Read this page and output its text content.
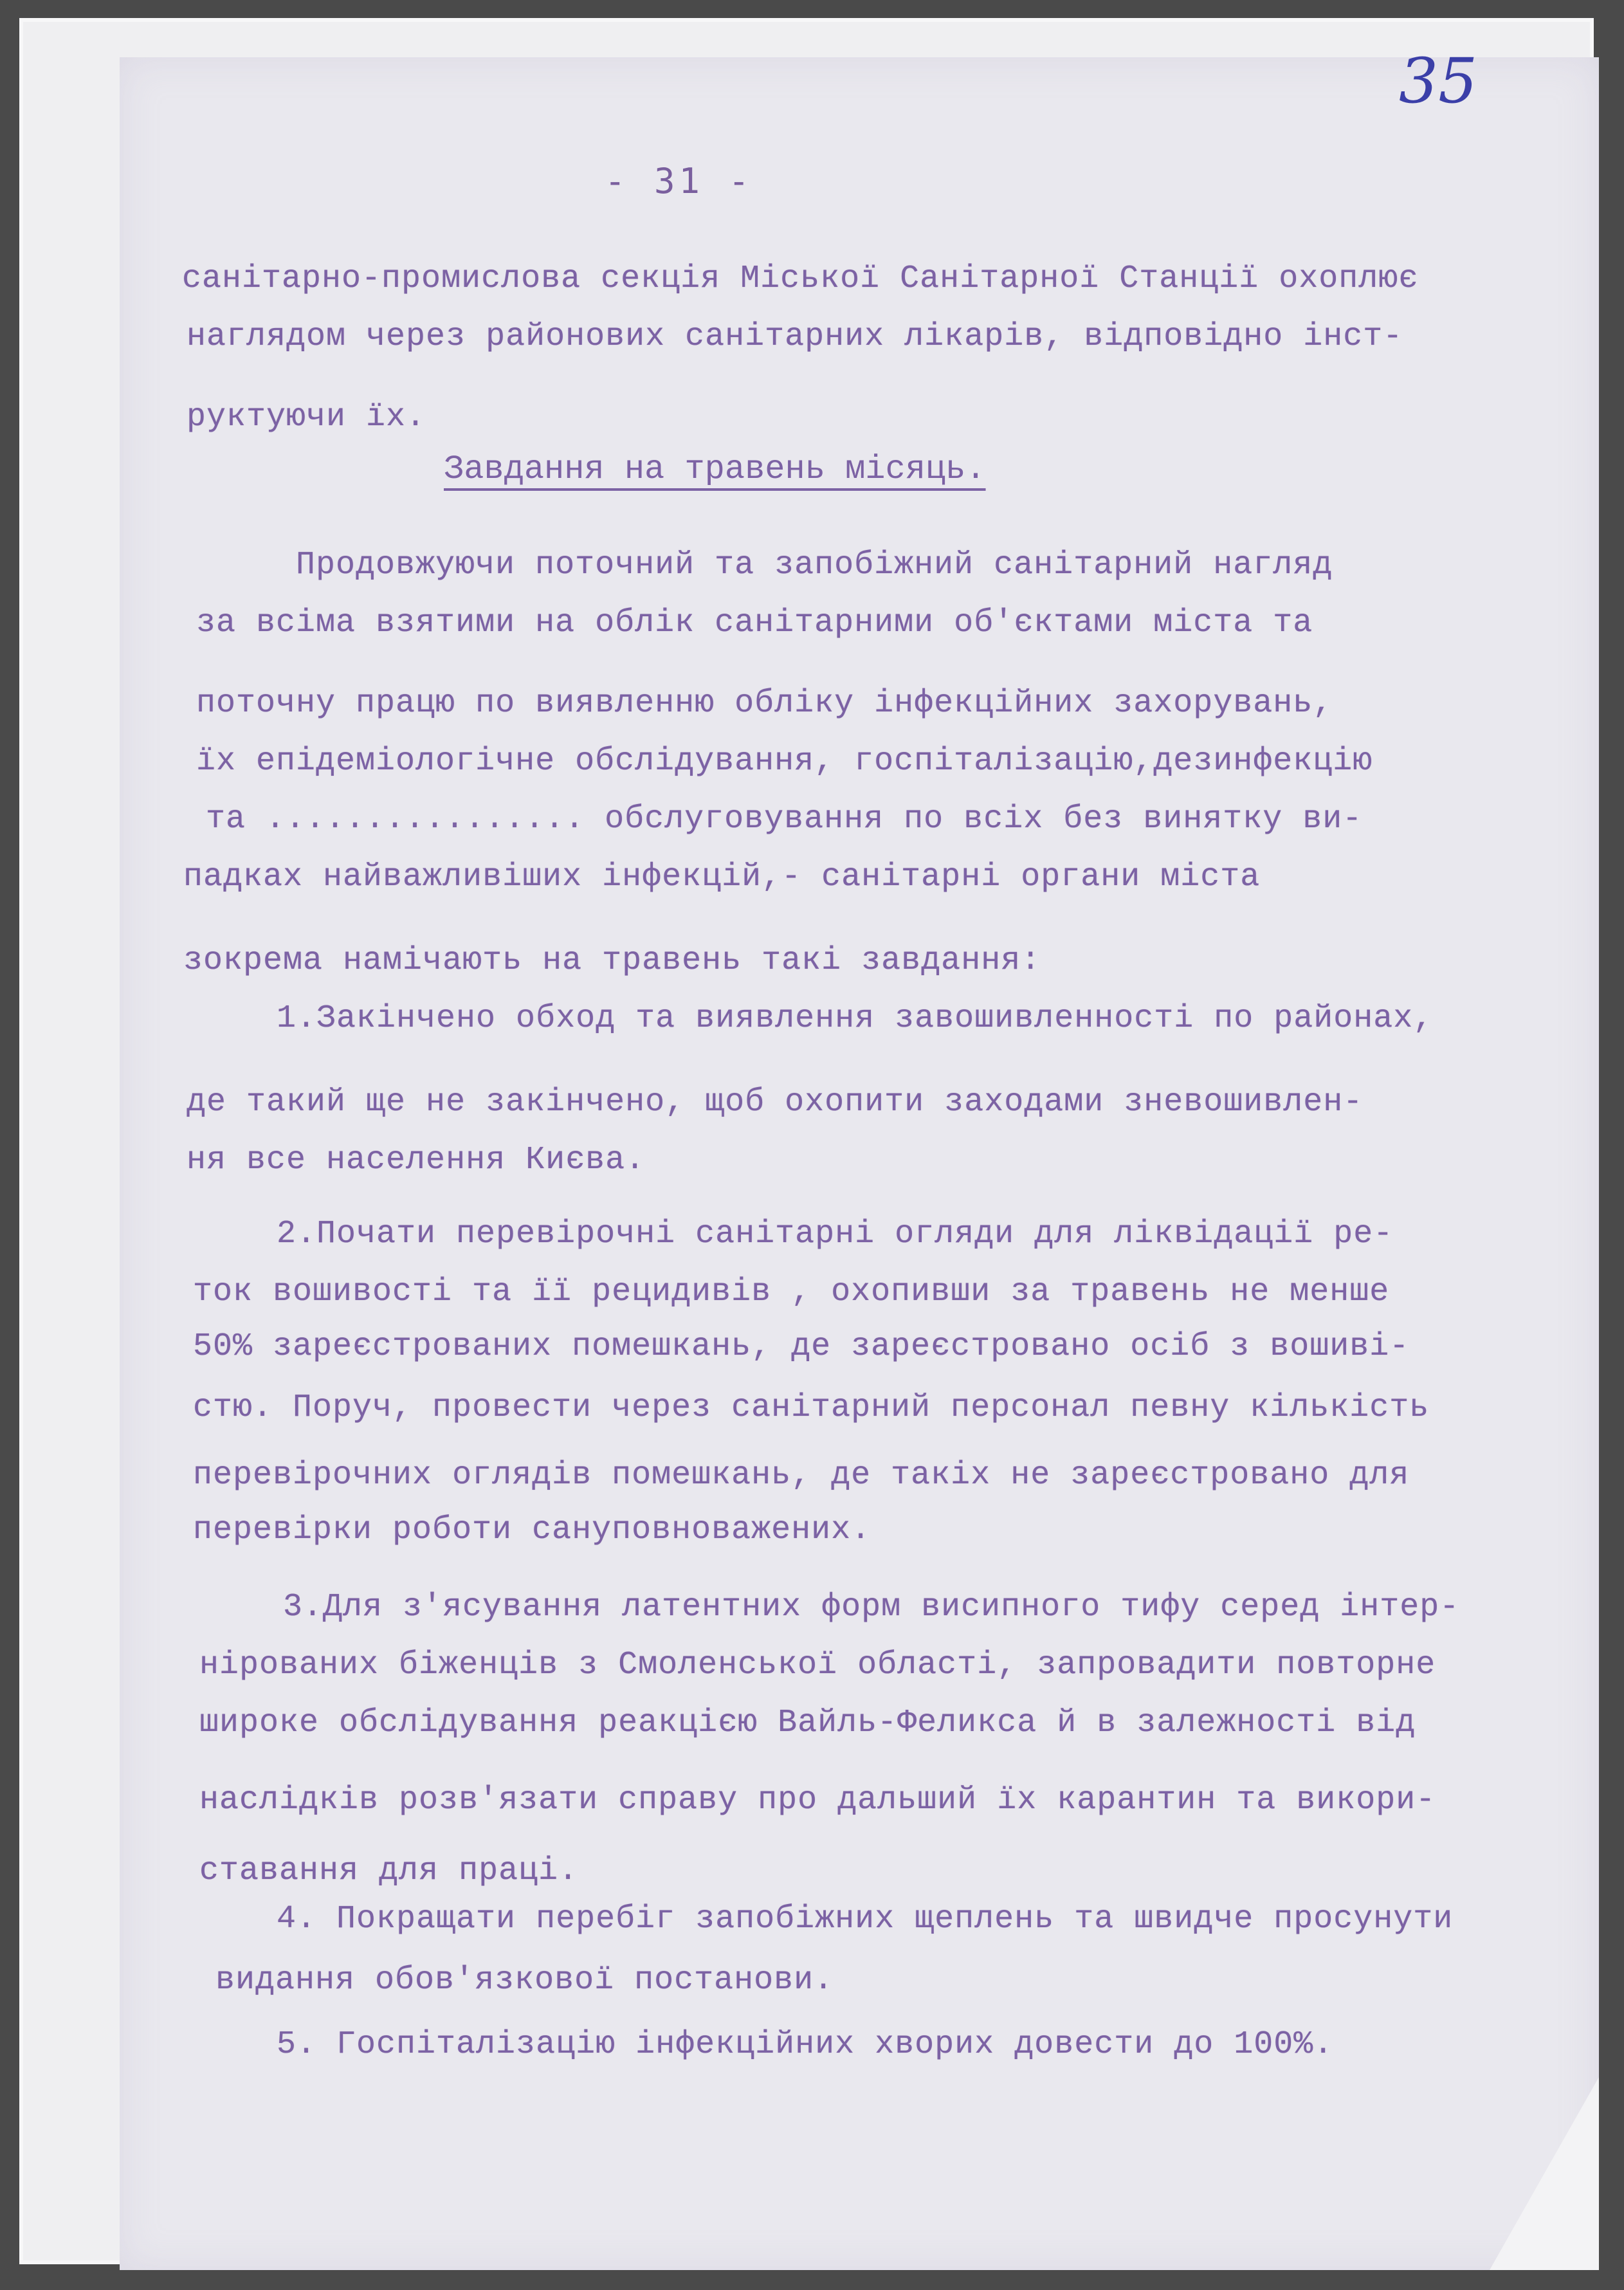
35
- 31 -
санітарно-промислова секція Міської Санітарної Станції охоплює
наглядом через районових санітарних лікарів, відповідно інст-
руктуючи їх.
Завдання на травень місяць.
Продовжуючи поточний та запобіжний санітарний нагляд
за всіма взятими на облік санітарними об'єктами міста та
поточну працю по виявленню обліку інфекційних захорувань,
їх епідеміологічне обслідування, госпіталізацію,дезинфекцію
та ................ обслуговування по всіх без винятку ви-
падках найважливіших інфекцій,- санітарні органи міста
зокрема намічають на травень такі завдання:
1.Закінчено обход та виявлення завошивленності по районах,
де такий ще не закінчено, щоб охопити заходами зневошивлен-
ня все населення Києва.
2.Почати перевірочні санітарні огляди для ліквідації ре-
ток вошивості та її рецидивів , охопивши за травень не менше
50% зареєстрованих помешкань, де зареєстровано осіб з вошиві-
стю. Поруч, провести через санітарний персонал певну кількість
перевірочних оглядів помешкань, де такіх не зареєстровано для
перевірки роботи сануповноважених.
3.Для з'ясування латентних форм висипного тифу серед інтер-
нірованих біженців з Смоленської області, запровадити повторне
широке обслідування реакцією Вайль-Феликса й в залежності від
наслідків розв'язати справу про дальший їх карантин та викори-
ставання для праці.
4. Покращати перебіг запобіжних щеплень та швидче просунути
видання обов'язкової постанови.
5. Госпіталізацію інфекційних хворих довести до 100%.
